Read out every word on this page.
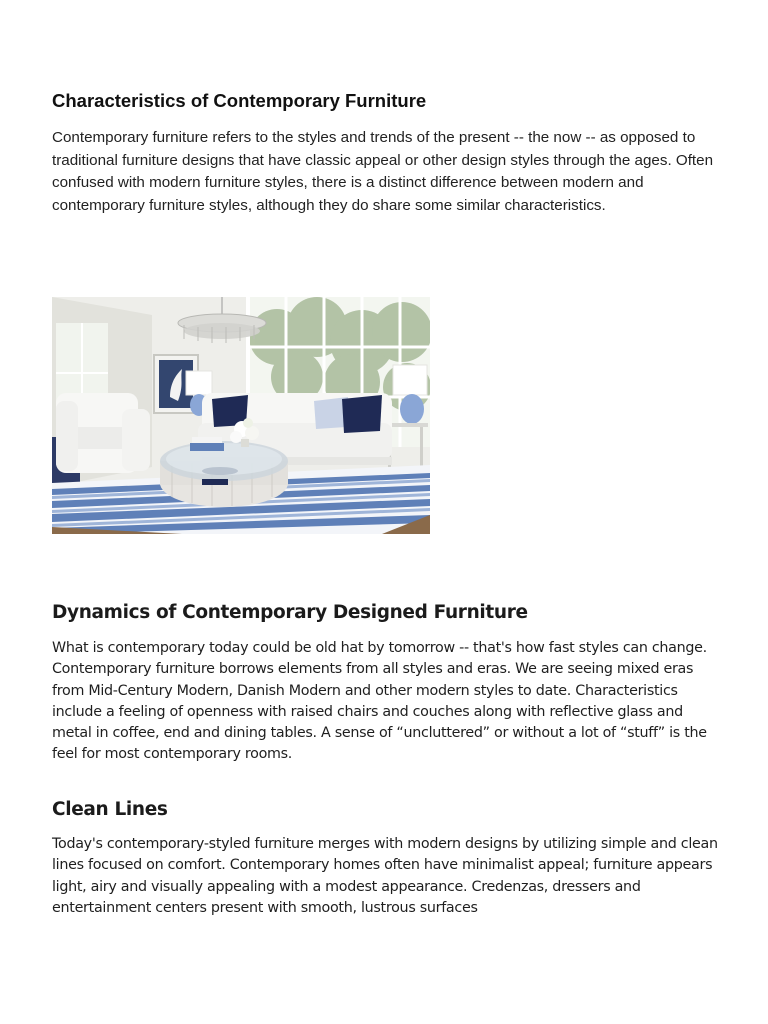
Characteristics of Contemporary Furniture

Contemporary furniture refers to the styles and trends of the present -- the now -- as opposed to traditional furniture designs that have classic appeal or other design styles through the ages. Often confused with modern furniture styles, there is a distinct difference between modern and contemporary furniture styles, although they do share some similar characteristics.

Dynamics of Contemporary Designed Furniture

What is contemporary today could be old hat by tomorrow -- that's how fast styles can change. Contemporary furniture borrows elements from all styles and eras. We are seeing mixed eras from Mid-Century Modern, Danish Modern and other modern styles to date. Characteristics include a feeling of openness with raised chairs and couches along with reflective glass and metal in coffee, end and dining tables. A sense of “uncluttered” or without a lot of “stuff” is the feel for most contemporary rooms.

Clean Lines

Today's contemporary-styled furniture merges with modern designs by utilizing simple and clean lines focused on comfort. Contemporary homes often have minimalist appeal; furniture appears light, airy and visually appealing with a modest appearance. Credenzas, dressers and entertainment centers present with smooth, lustrous surfaces
